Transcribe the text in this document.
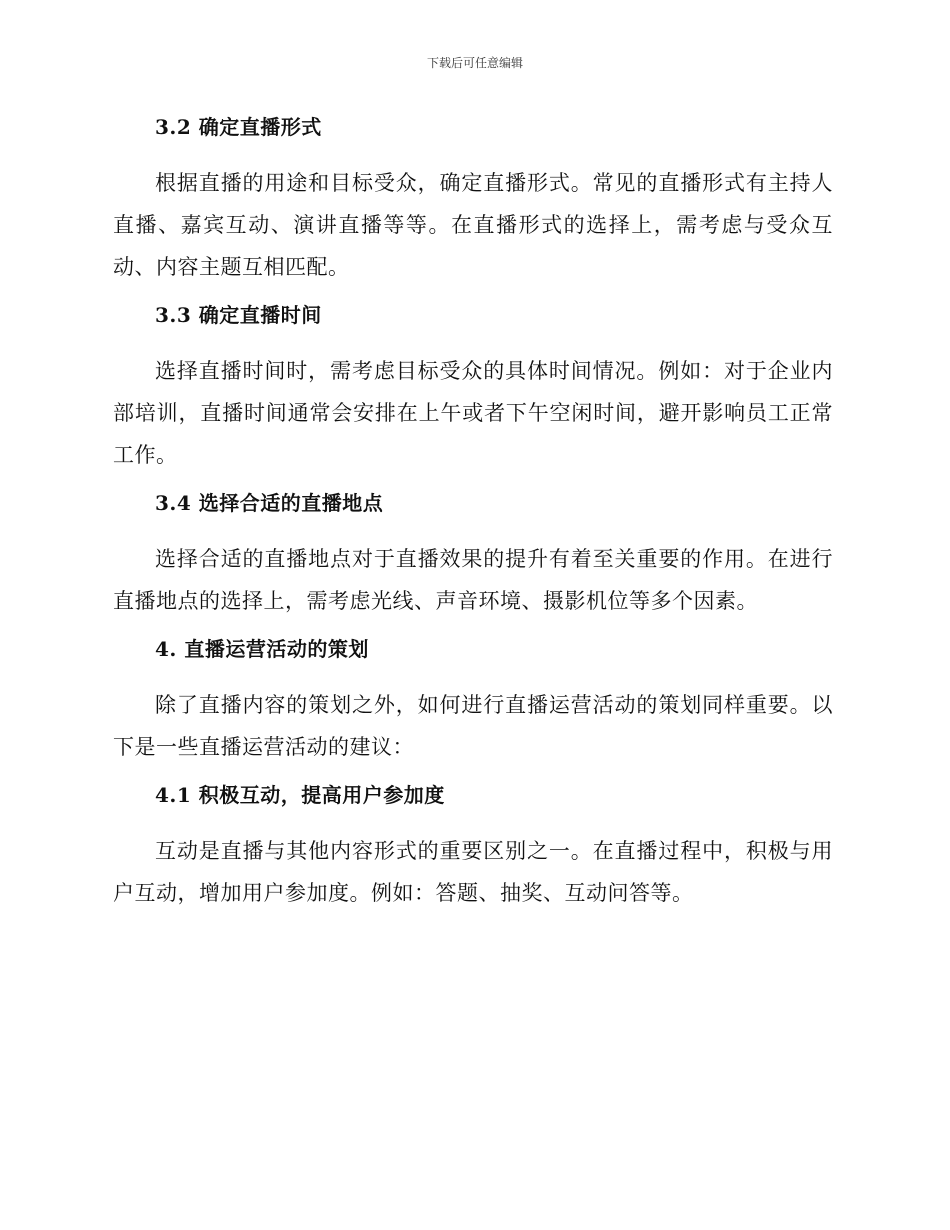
下载后可任意编辑
3.2 确定直播形式

根据直播的用途和目标受众，确定直播形式。常见的直播形式有主持人直播、嘉宾互动、演讲直播等等。在直播形式的选择上，需考虑与受众互动、内容主题互相匹配。

3.3 确定直播时间

选择直播时间时，需考虑目标受众的具体时间情况。例如：对于企业内部培训，直播时间通常会安排在上午或者下午空闲时间，避开影响员工正常工作。

3.4 选择合适的直播地点

选择合适的直播地点对于直播效果的提升有着至关重要的作用。在进行直播地点的选择上，需考虑光线、声音环境、摄影机位等多个因素。

4. 直播运营活动的策划

除了直播内容的策划之外，如何进行直播运营活动的策划同样重要。以下是一些直播运营活动的建议：

4.1 积极互动，提高用户参加度

互动是直播与其他内容形式的重要区别之一。在直播过程中，积极与用户互动，增加用户参加度。例如：答题、抽奖、互动问答等。
